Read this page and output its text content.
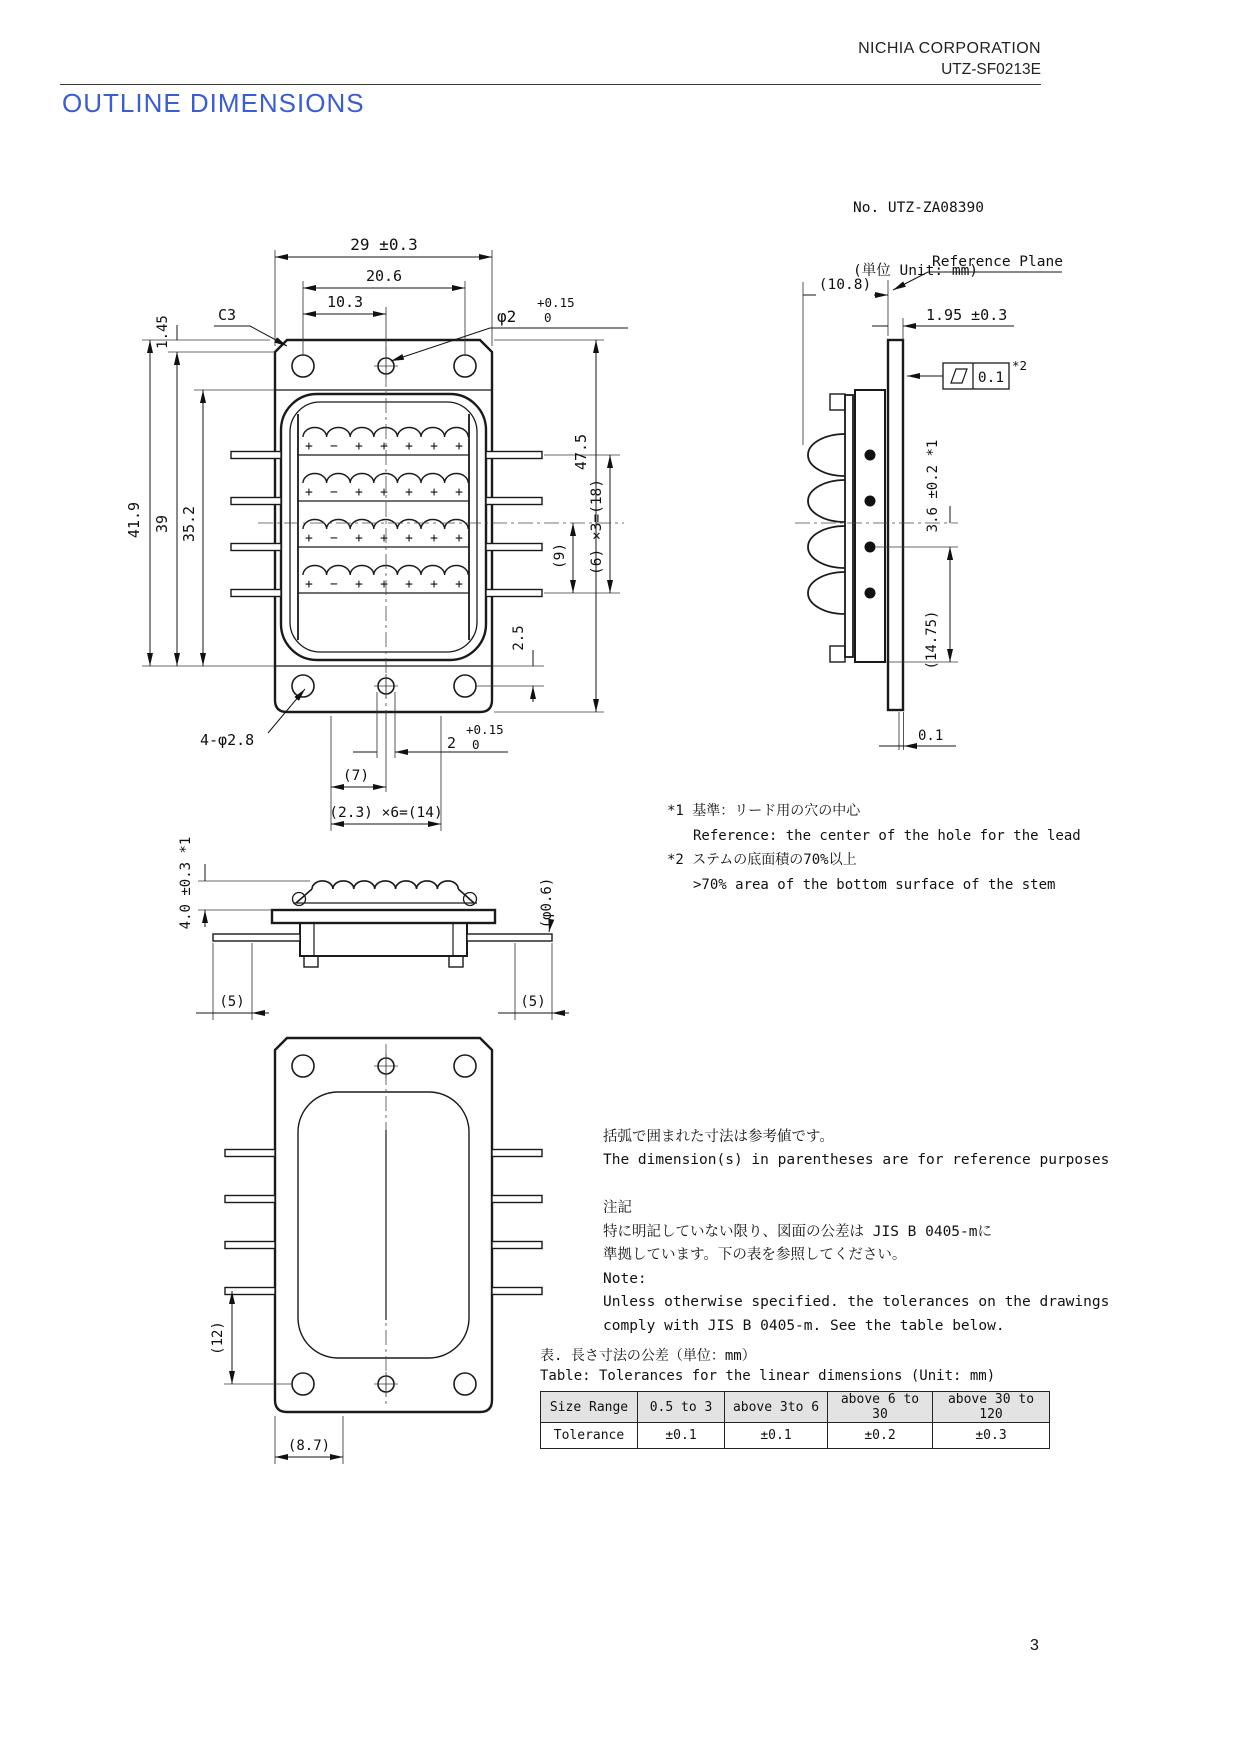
NICHIA CORPORATION
UTZ-SF0213E
OUTLINE DIMENSIONS

No. UTZ-ZA08390

(単位 Unit: mm)

+−+++++
+−+++++
+−+++++
+−+++++
29 ±0.3
20.6
10.3
φ2
+0.15
0
C3
41.9 39
1.45
35.2
47.5
(6) ×3=(18)
(9)
2.5
4-φ2.8	2
+0.15
0
(7)
(2.3) ×6=(14)
(10.8)
Reference Plane
1.95 ±0.3
0.1
*2
3.6 ±0.2 *1
(14.75)
0.1
4.0 ±0.3 *1	(φ0.6)
(5)	(5)
(12)
(8.7)
*1 基準：リード用の穴の中心
Reference: the center of the hole for the lead
*2 ステムの底面積の70%以上
>70% area of the bottom surface of the stem
括弧で囲まれた寸法は参考値です。
The dimension(s) in parentheses are for reference purposes
注記
特に明記していない限り、図面の公差は JIS B 0405-mに
準拠しています。下の表を参照してください。
Note:
Unless otherwise specified. the tolerances on the drawings
comply with JIS B 0405-m. See the table below.
表. 長さ寸法の公差（単位：mm）
Table: Tolerances for the linear dimensions (Unit: mm)
Size Range	0.5 to 3	above 3to 6	above 6 to 30	above 30 to 120
Tolerance	±0.1	±0.1	±0.2	±0.3
3
